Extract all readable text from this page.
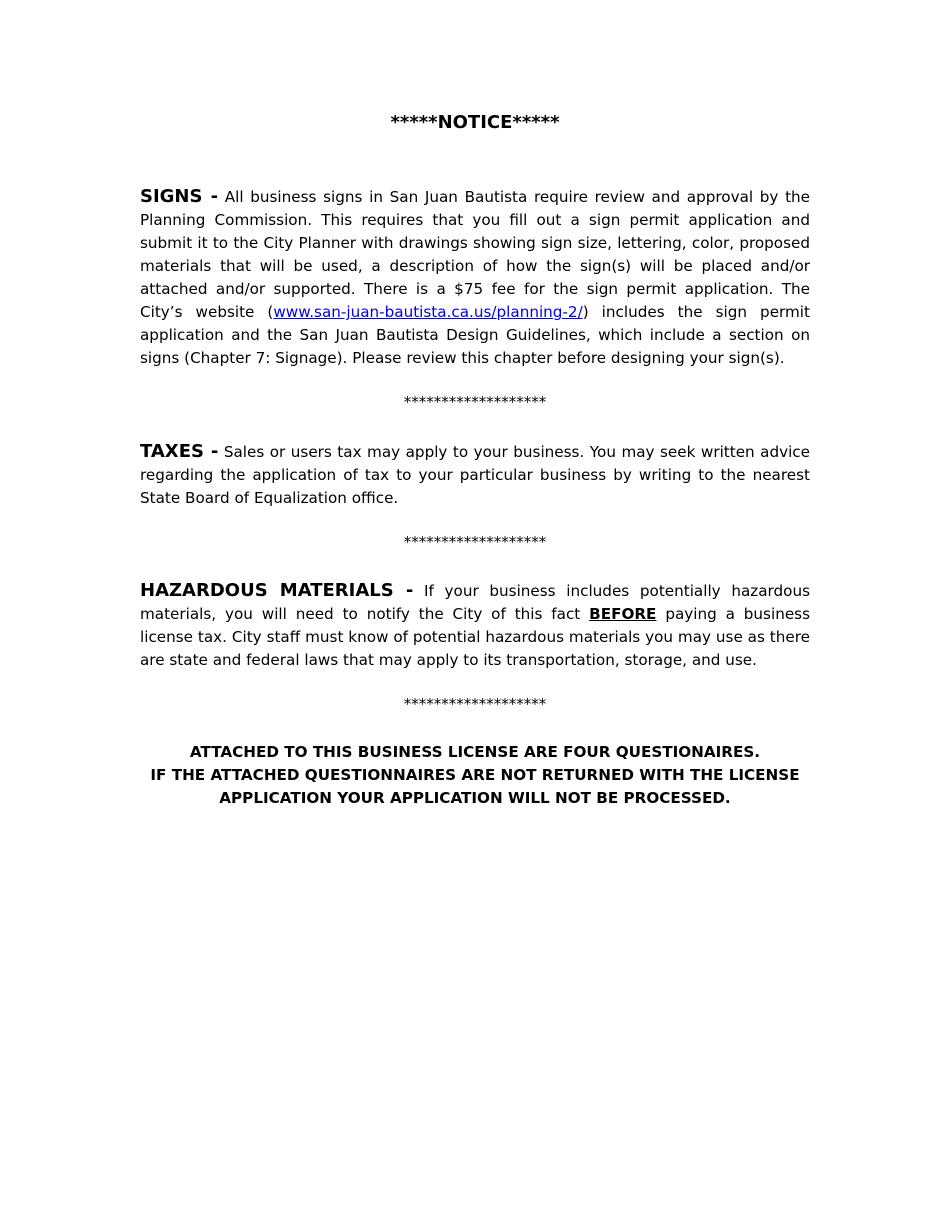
*****NOTICE*****
SIGNS - All business signs in San Juan Bautista require review and approval by the Planning Commission. This requires that you fill out a sign permit application and submit it to the City Planner with drawings showing sign size, lettering, color, proposed materials that will be used, a description of how the sign(s) will be placed and/or attached and/or supported. There is a $75 fee for the sign permit application. The City’s website (www.san-juan-bautista.ca.us/planning-2/) includes the sign permit application and the San Juan Bautista Design Guidelines, which include a section on signs (Chapter 7: Signage). Please review this chapter before designing your sign(s).
*******************
TAXES - Sales or users tax may apply to your business. You may seek written advice regarding the application of tax to your particular business by writing to the nearest State Board of Equalization office.
*******************
HAZARDOUS MATERIALS - If your business includes potentially hazardous materials, you will need to notify the City of this fact BEFORE paying a business license tax. City staff must know of potential hazardous materials you may use as there are state and federal laws that may apply to its transportation, storage, and use.
*******************
ATTACHED TO THIS BUSINESS LICENSE ARE FOUR QUESTIONAIRES.
IF THE ATTACHED QUESTIONNAIRES ARE NOT RETURNED WITH THE LICENSE
APPLICATION YOUR APPLICATION WILL NOT BE PROCESSED.
